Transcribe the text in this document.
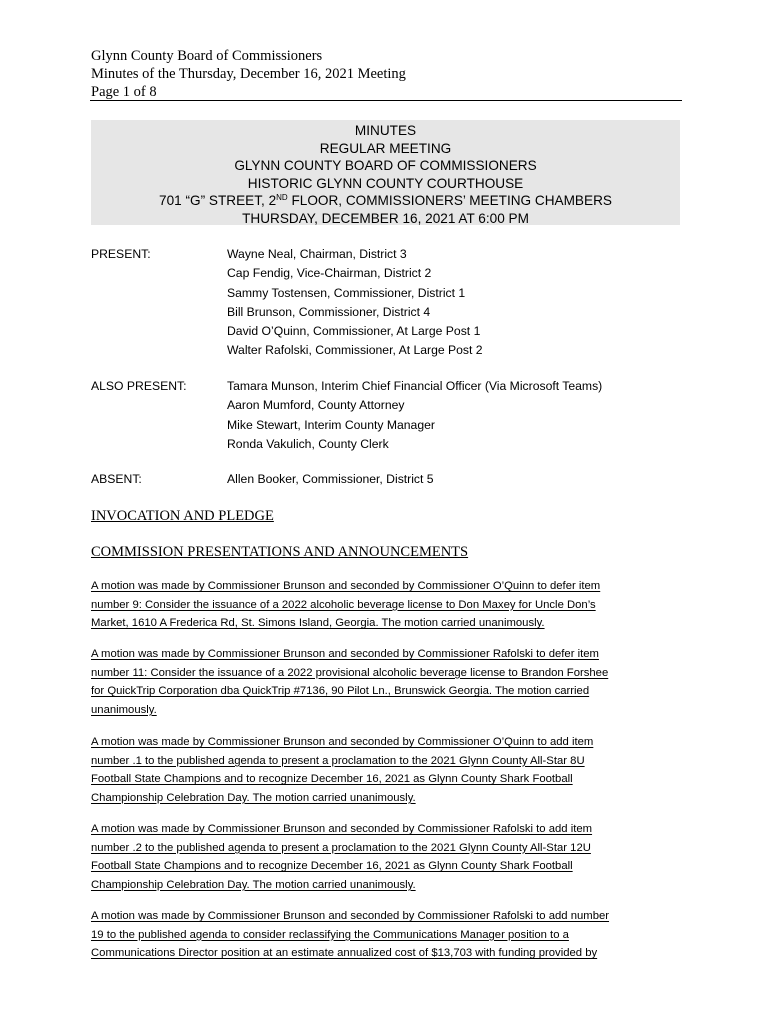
Glynn County Board of Commissioners
Minutes of the Thursday, December 16, 2021 Meeting
Page 1 of 8
MINUTES
REGULAR MEETING
GLYNN COUNTY BOARD OF COMMISSIONERS
HISTORIC GLYNN COUNTY COURTHOUSE
701 “G” STREET, 2ND FLOOR, COMMISSIONERS’ MEETING CHAMBERS
THURSDAY, DECEMBER 16, 2021 AT 6:00 PM
PRESENT:	Wayne Neal, Chairman, District 3
Cap Fendig, Vice-Chairman, District 2
Sammy Tostensen, Commissioner, District 1
Bill Brunson, Commissioner, District 4
David O’Quinn, Commissioner, At Large Post 1
Walter Rafolski, Commissioner, At Large Post 2
ALSO PRESENT:	Tamara Munson, Interim Chief Financial Officer (Via Microsoft Teams)
Aaron Mumford, County Attorney
Mike Stewart, Interim County Manager
Ronda Vakulich, County Clerk
ABSENT:	Allen Booker, Commissioner, District 5
INVOCATION AND PLEDGE
COMMISSION PRESENTATIONS AND ANNOUNCEMENTS
A motion was made by Commissioner Brunson and seconded by Commissioner O’Quinn to defer item
number 9: Consider the issuance of a 2022 alcoholic beverage license to Don Maxey for Uncle Don’s
Market, 1610 A Frederica Rd, St. Simons Island, Georgia. The motion carried unanimously.
A motion was made by Commissioner Brunson and seconded by Commissioner Rafolski to defer item
number 11: Consider the issuance of a 2022 provisional alcoholic beverage license to Brandon Forshee
for QuickTrip Corporation dba QuickTrip #7136, 90 Pilot Ln., Brunswick Georgia. The motion carried
unanimously.
A motion was made by Commissioner Brunson and seconded by Commissioner O’Quinn to add item
number .1 to the published agenda to present a proclamation to the 2021 Glynn County All-Star 8U
Football State Champions and to recognize December 16, 2021 as Glynn County Shark Football
Championship Celebration Day. The motion carried unanimously.
A motion was made by Commissioner Brunson and seconded by Commissioner Rafolski to add item
number .2 to the published agenda to present a proclamation to the 2021 Glynn County All-Star 12U
Football State Champions and to recognize December 16, 2021 as Glynn County Shark Football
Championship Celebration Day. The motion carried unanimously.
A motion was made by Commissioner Brunson and seconded by Commissioner Rafolski to add number
19 to the published agenda to consider reclassifying the Communications Manager position to a
Communications Director position at an estimate annualized cost of $13,703 with funding provided by
